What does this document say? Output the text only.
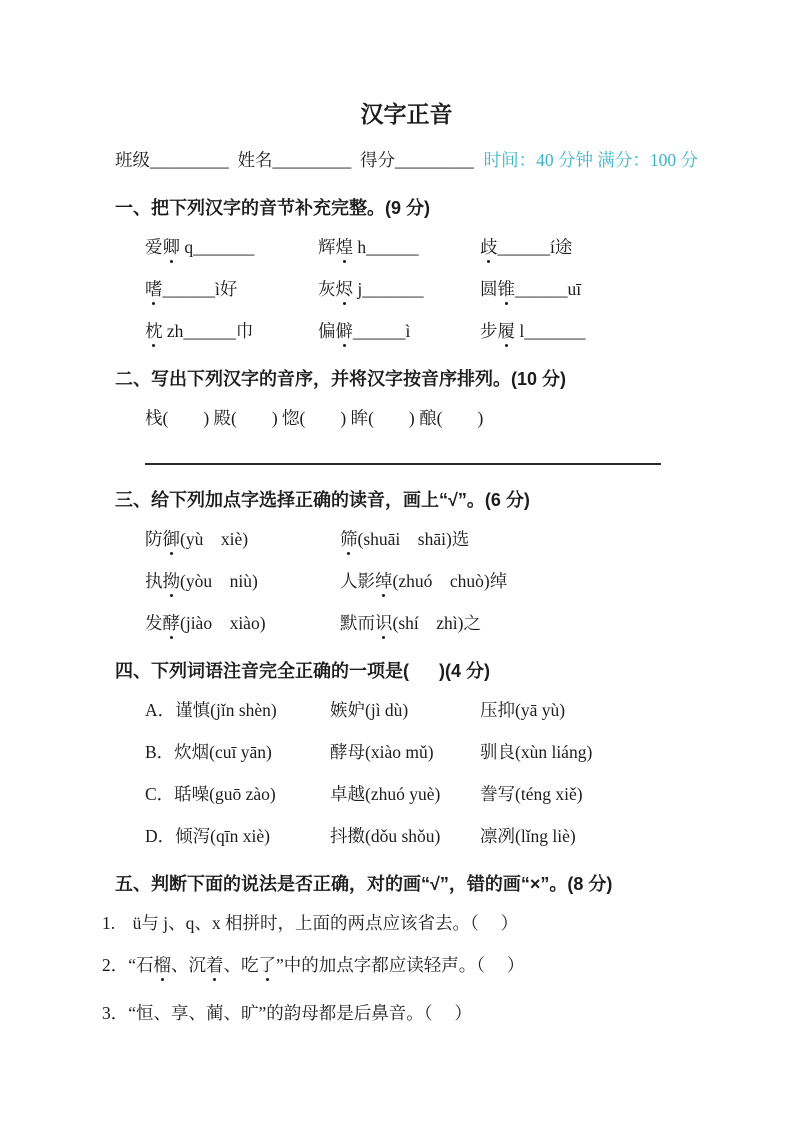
汉字正音
班级_________  姓名_________  得分_________ 时间：40 分钟 满分：100 分
一、把下列汉字的音节补充完整。(9 分)
爱卿 q_______	辉煌 h______	歧______í途
嗜______ì好	灰烬 j_______	圆锥______uī
枕 zh______巾	偏僻______ì	步履 l_______
二、写出下列汉字的音序，并将汉字按音序排列。(10 分)
栈(        ) 殿(        ) 惚(        ) 眸(        ) 酿(        )
三、给下列加点字选择正确的读音，画上“√”。(6 分)
防御(yù    xiè)	筛(shuāi    shāi)选
执拗(yòu    niù)	人影绰(zhuó    chuò)绰
发酵(jiào    xiào)	默而识(shí    zhì)之
四、下列词语注音完全正确的一项是(      )(4 分)
A．谨慎(jǐn shèn)	嫉妒(jì dù)	压抑(yā yù)
B．炊烟(cuī yān)	酵母(xiào mǔ)	驯良(xùn liáng)
C．聒噪(guō zào)	卓越(zhuó yuè)	誊写(téng xiě)
D．倾泻(qīn xiè)	抖擞(dǒu shǒu)	凛冽(lǐng liè)
五、判断下面的说法是否正确，对的画“√”，错的画“×”。(8 分)
1.    ü与 j、q、x 相拼时，上面的两点应该省去。（     ）
2．“石榴、沉着、吃了”中的加点字都应读轻声。（     ）
3．“恒、享、蔺、旷”的韵母都是后鼻音。（     ）
